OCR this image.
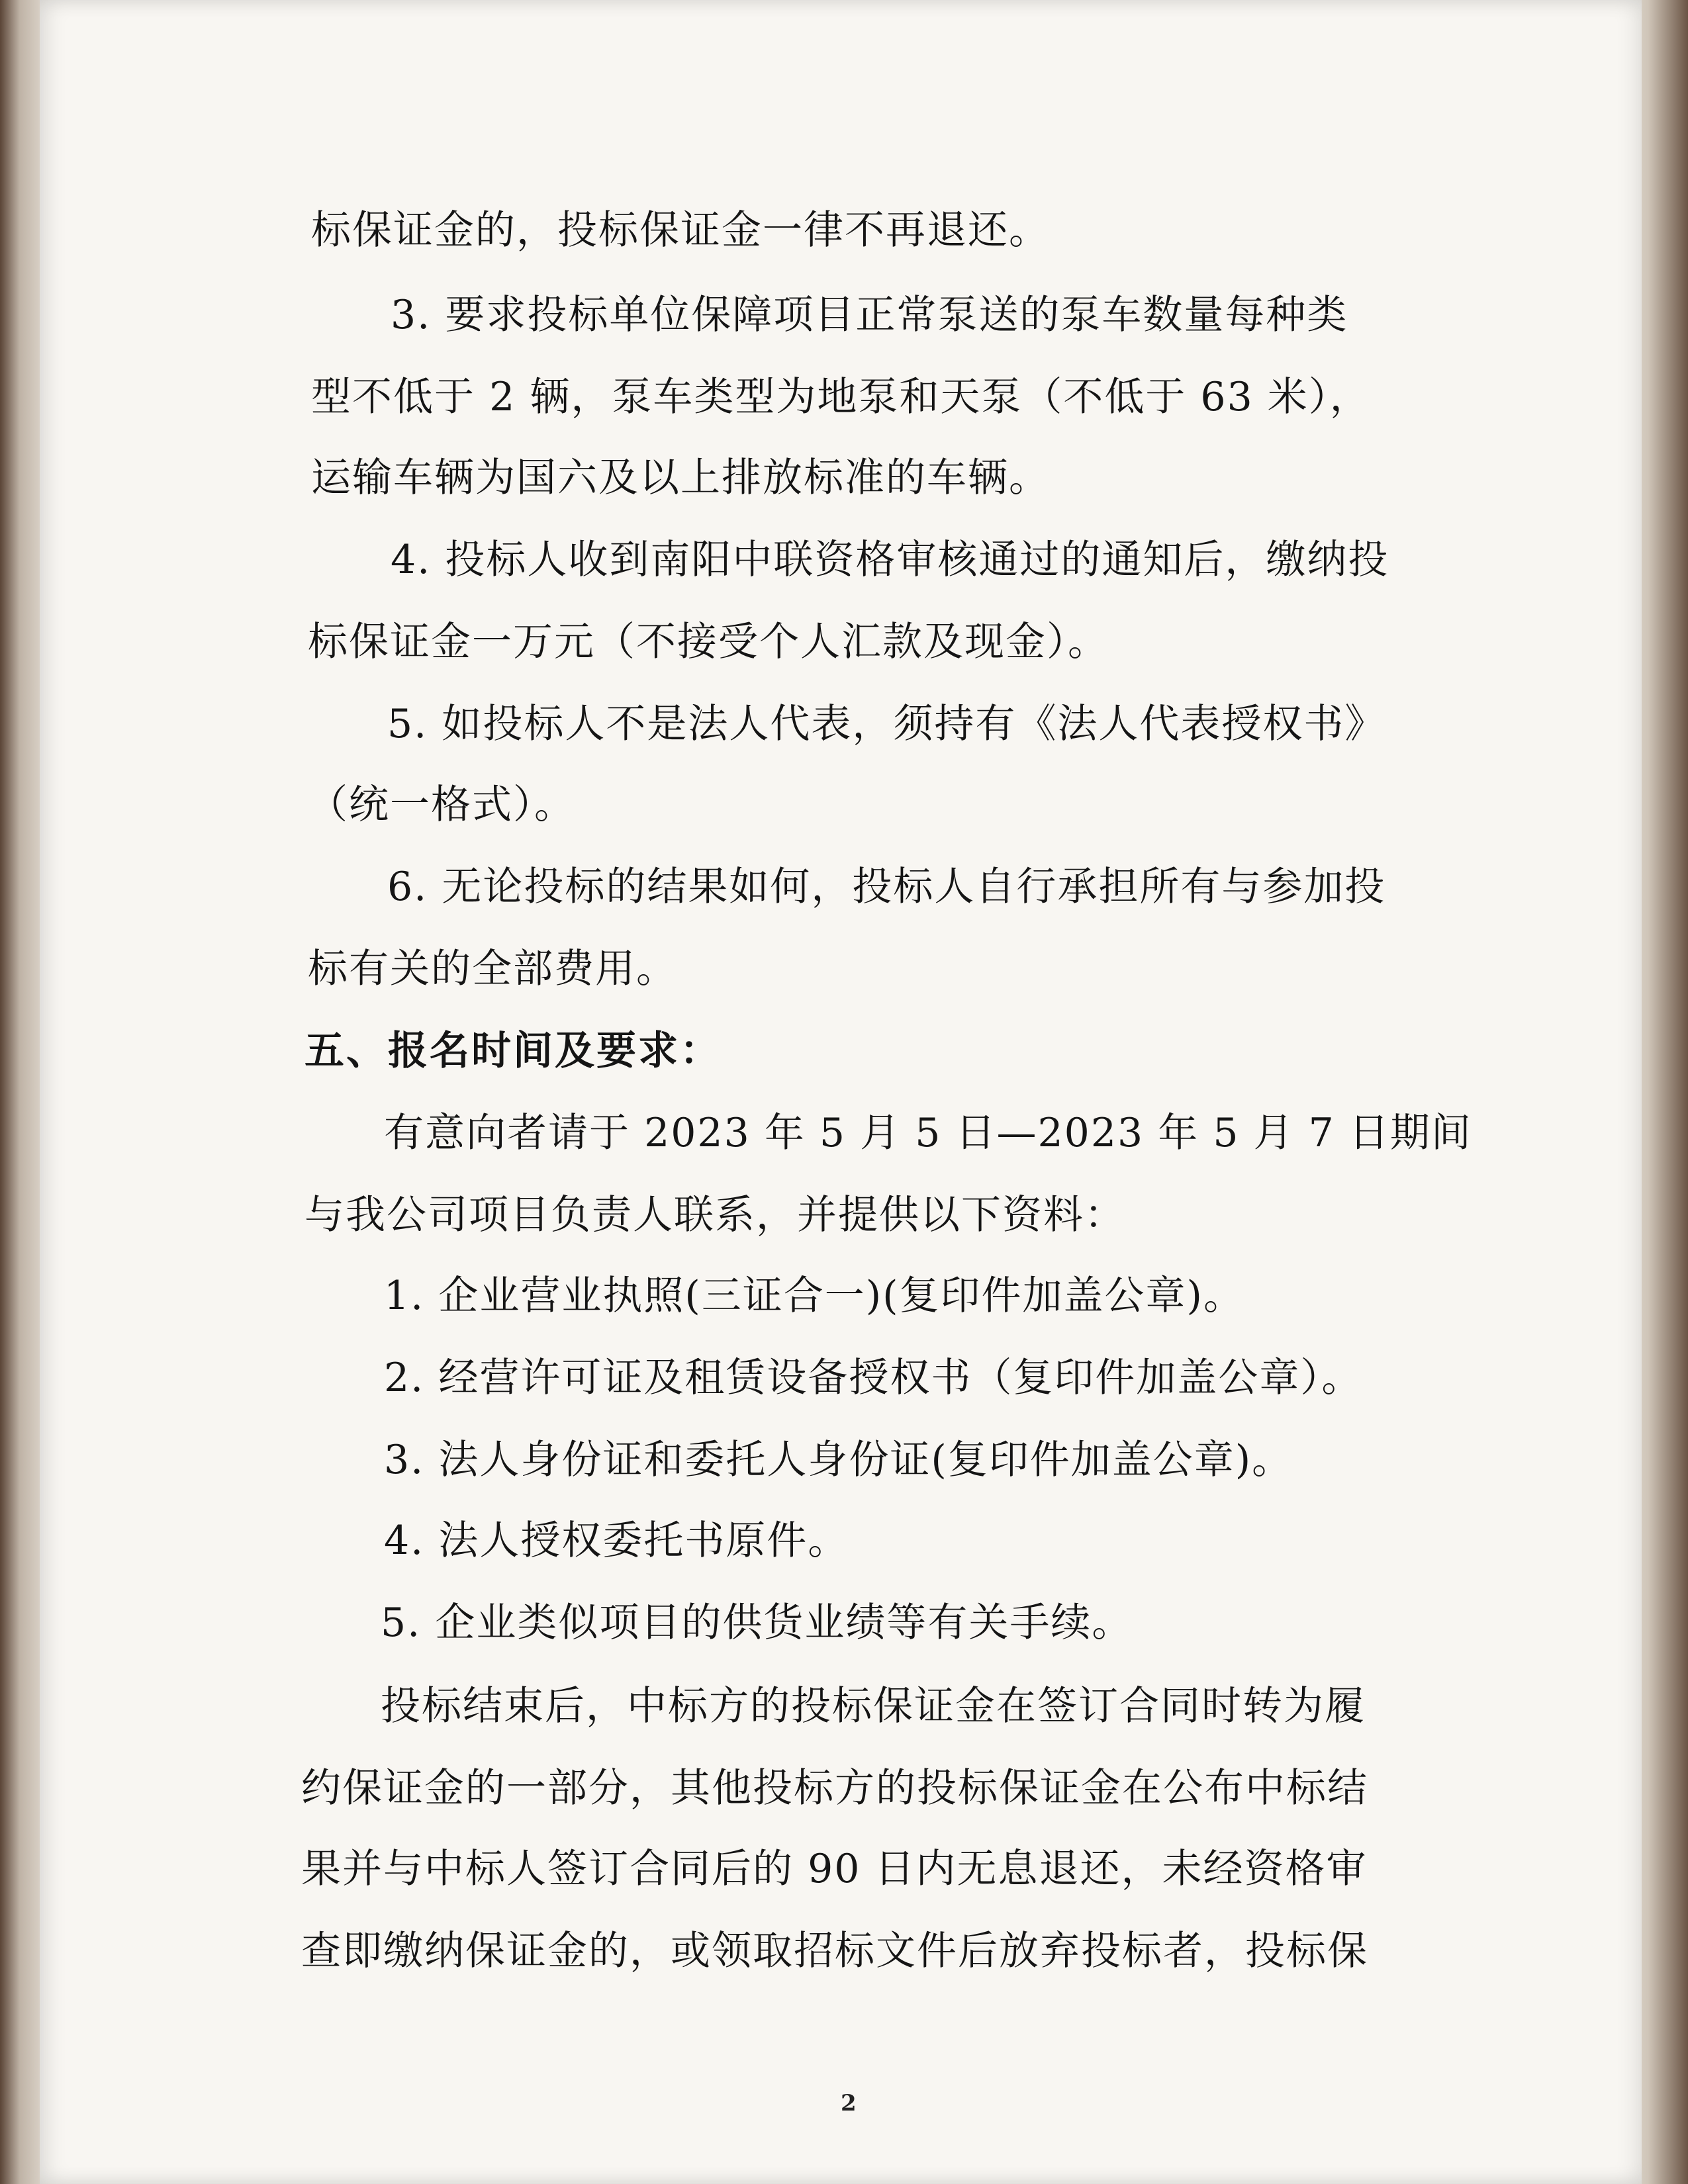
标保证金的，投标保证金一律不再退还。
3. 要求投标单位保障项目正常泵送的泵车数量每种类
型不低于 2 辆，泵车类型为地泵和天泵（不低于 63 米），
运输车辆为国六及以上排放标准的车辆。
4. 投标人收到南阳中联资格审核通过的通知后，缴纳投
标保证金一万元（不接受个人汇款及现金）。
5. 如投标人不是法人代表，须持有《法人代表授权书》
（统一格式）。
6. 无论投标的结果如何，投标人自行承担所有与参加投
标有关的全部费用。
五、报名时间及要求：
有意向者请于 2023 年 5 月 5 日—2023 年 5 月 7 日期间
与我公司项目负责人联系，并提供以下资料：
1. 企业营业执照(三证合一)(复印件加盖公章)。
2. 经营许可证及租赁设备授权书（复印件加盖公章）。
3. 法人身份证和委托人身份证(复印件加盖公章)。
4. 法人授权委托书原件。
5. 企业类似项目的供货业绩等有关手续。
投标结束后，中标方的投标保证金在签订合同时转为履
约保证金的一部分，其他投标方的投标保证金在公布中标结
果并与中标人签订合同后的 90 日内无息退还，未经资格审
查即缴纳保证金的，或领取招标文件后放弃投标者，投标保
2
